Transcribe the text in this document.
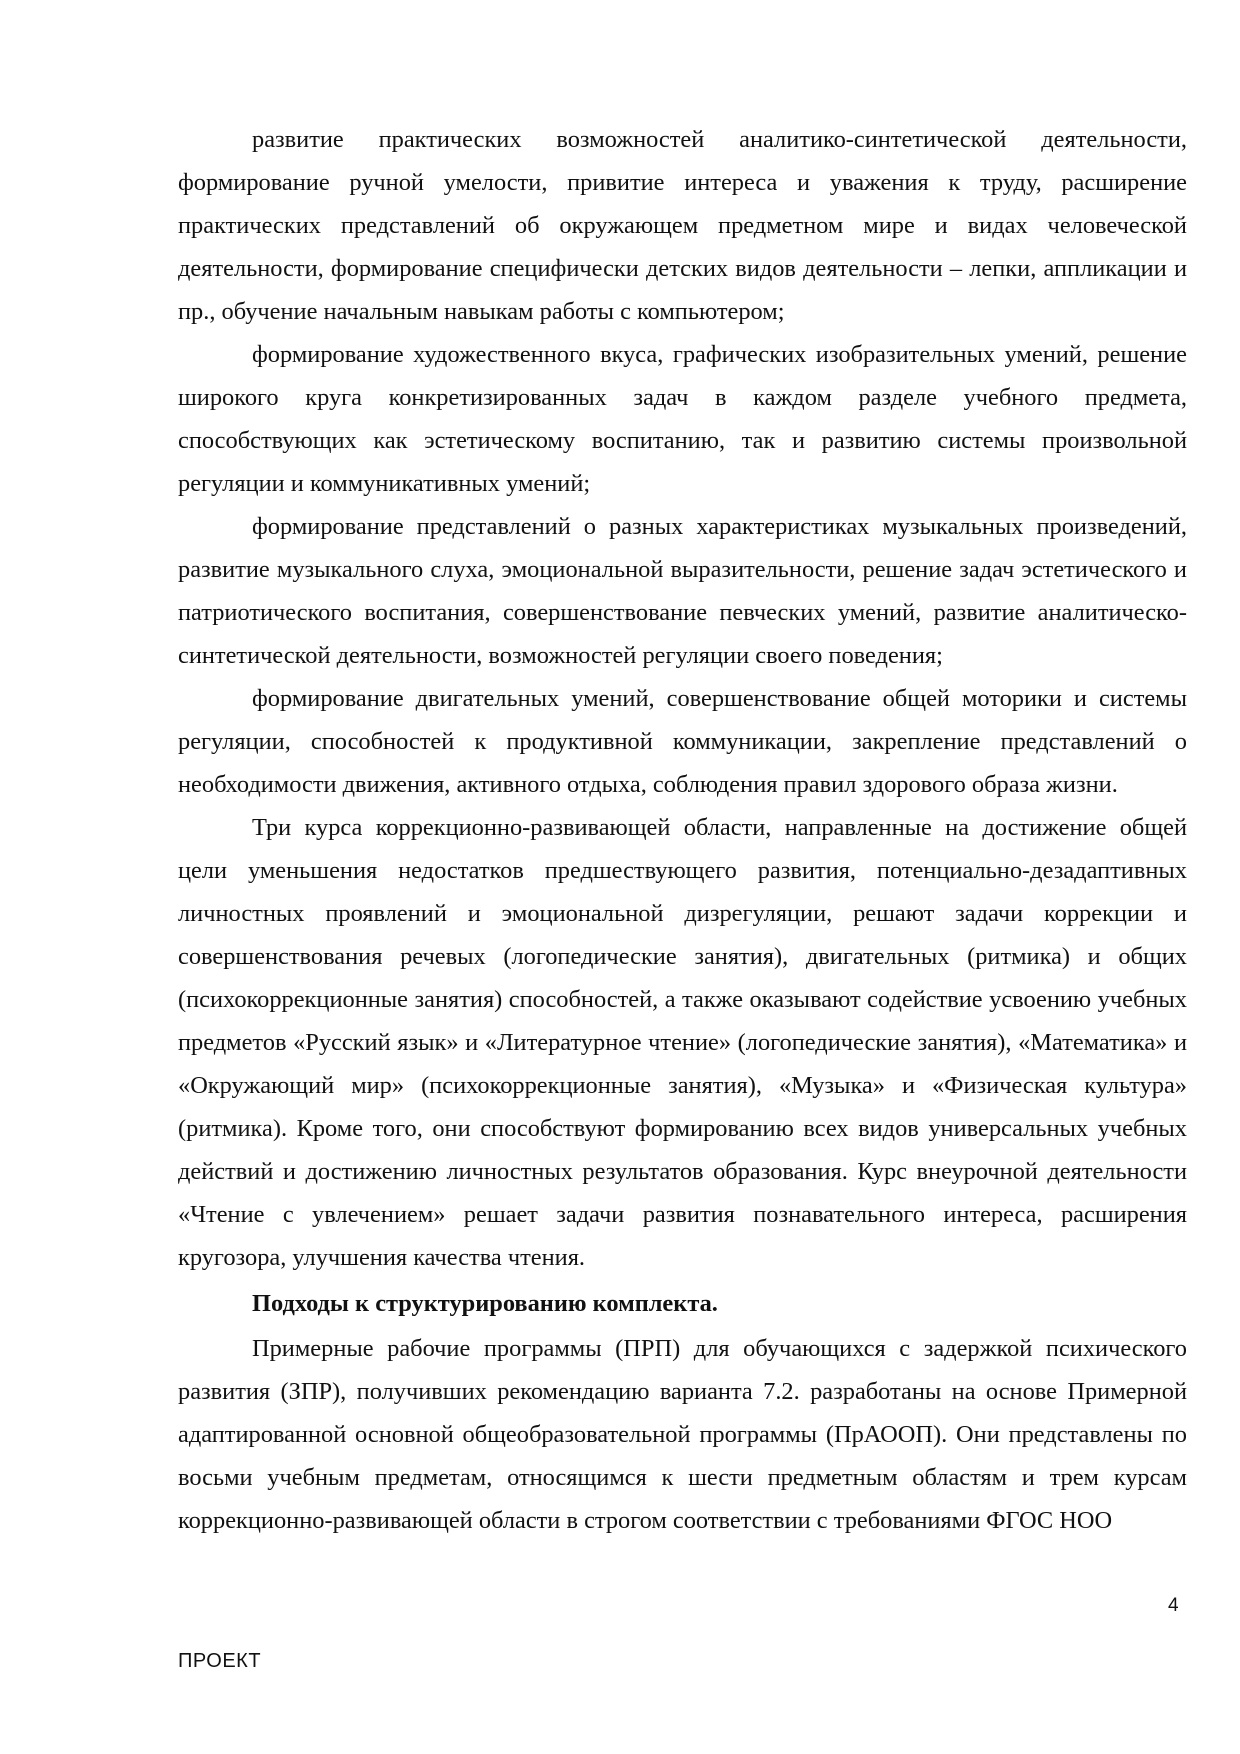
развитие практических возможностей аналитико-синтетической деятельности, формирование ручной умелости, привитие интереса и уважения к труду, расширение практических представлений об окружающем предметном мире и видах человеческой деятельности, формирование специфически детских видов деятельности – лепки, аппликации и пр., обучение начальным навыкам работы с компьютером;

формирование художественного вкуса, графических изобразительных умений, решение широкого круга конкретизированных задач в каждом разделе учебного предмета, способствующих как эстетическому воспитанию, так и развитию системы произвольной регуляции и коммуникативных умений;

формирование представлений о разных характеристиках музыкальных произведений, развитие музыкального слуха, эмоциональной выразительности, решение задач эстетического и патриотического воспитания, совершенствование певческих умений, развитие аналитическо-синтетической деятельности, возможностей регуляции своего поведения;

формирование двигательных умений, совершенствование общей моторики и системы регуляции, способностей к продуктивной коммуникации, закрепление представлений о необходимости движения, активного отдыха, соблюдения правил здорового образа жизни.

Три курса коррекционно-развивающей области, направленные на достижение общей цели уменьшения недостатков предшествующего развития, потенциально-дезадаптивных личностных проявлений и эмоциональной дизрегуляции, решают задачи коррекции и совершенствования речевых (логопедические занятия), двигательных (ритмика) и общих (психокоррекционные занятия) способностей, а также оказывают содействие усвоению учебных предметов «Русский язык» и «Литературное чтение» (логопедические занятия), «Математика» и «Окружающий мир» (психокоррекционные занятия), «Музыка» и «Физическая культура» (ритмика). Кроме того, они способствуют формированию всех видов универсальных учебных действий и достижению личностных результатов образования. Курс внеурочной деятельности «Чтение с увлечением» решает задачи развития познавательного интереса, расширения кругозора, улучшения качества чтения.

Подходы к структурированию комплекта.

Примерные рабочие программы (ПРП) для обучающихся с задержкой психического развития (ЗПР), получивших рекомендацию варианта 7.2. разработаны на основе Примерной адаптированной основной общеобразовательной программы (ПрАООП). Они представлены по восьми учебным предметам, относящимся к шести предметным областям и трем курсам коррекционно-развивающей области в строгом соответствии с требованиями ФГОС НОО

4
ПРОЕКТ
